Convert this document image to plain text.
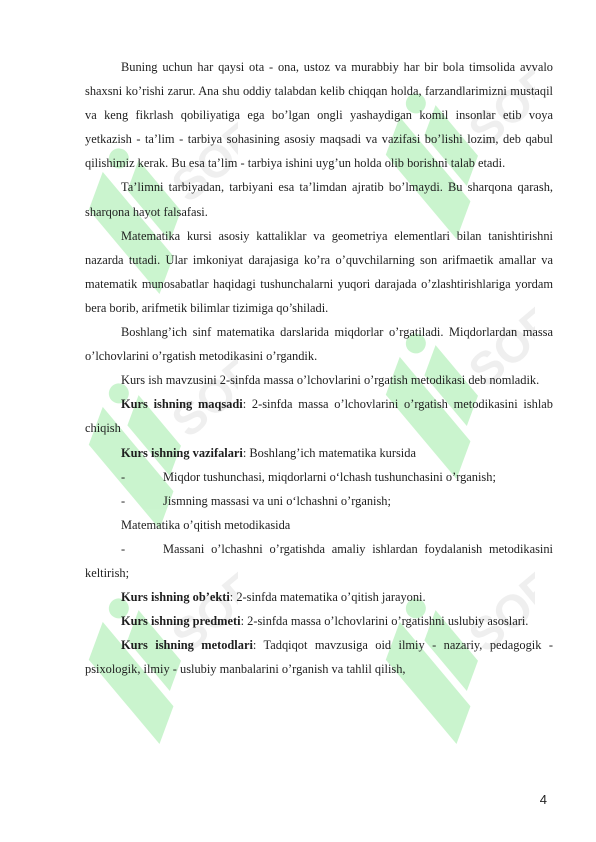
SOFF	SOFF
SOFF	SOFF
SOFF	SOFF

Buning uchun har qaysi ota - ona, ustoz va murabbiy har bir bola timsolida avvalo shaxsni ko’rishi zarur. Ana shu oddiy talabdan kelib chiqqan holda, farzandlarimizni mustaqil va keng fikrlash qobiliyatiga ega bo’lgan ongli yashaydigan komil insonlar etib voya yetkazish - ta’lim - tarbiya sohasining asosiy maqsadi va vazifasi bo’lishi lozim, deb qabul qilishimiz kerak. Bu esa ta’lim - tarbiya ishini uyg’un holda olib borishni talab etadi.

Ta’limni tarbiyadan, tarbiyani esa ta’limdan ajratib bo’lmaydi. Bu sharqona qarash, sharqona hayot falsafasi.

Matematika kursi asosiy kattaliklar va geometriya elementlari bilan tanishtirishni nazarda tutadi. Ular imkoniyat darajasiga ko’ra o’quvchilarning son arifmaetik amallar va matematik munosabatlar haqidagi tushunchalarni yuqori darajada o’zlashtirishlariga yordam bera borib, arifmetik bilimlar tizimiga qo’shiladi.

Boshlang’ich sinf matematika darslarida miqdorlar o’rgatiladi. Miqdorlardan massa o’lchovlarini o’rgatish metodikasini o’rgandik.

Kurs ish mavzusini 2-sinfda massa o’lchovlarini o’rgatish metodikasi deb nomladik.

Kurs ishning maqsadi: 2-sinfda massa o’lchovlarini o’rgatish metodikasini ishlab chiqish

Kurs ishning vazifalari: Boshlang’ich matematika kursida

-	Miqdor tushunchasi, miqdorlarni o‘lchash tushunchasini o’rganish;

-	Jismning massasi va uni o‘lchashni o’rganish;

Matematika o’qitish metodikasida

-	Massani o’lchashni o’rgatishda amaliy ishlardan foydalanish metodikasini keltirish;

Kurs ishning ob’ekti: 2-sinfda matematika o’qitish jarayoni.

Kurs ishning predmeti: 2-sinfda massa o’lchovlarini o’rgatishni uslubiy asoslari.

Kurs ishning metodlari: Tadqiqot mavzusiga oid ilmiy - nazariy, pedagogik - psixologik, ilmiy - uslubiy manbalarini o’rganish va tahlil qilish,

4
